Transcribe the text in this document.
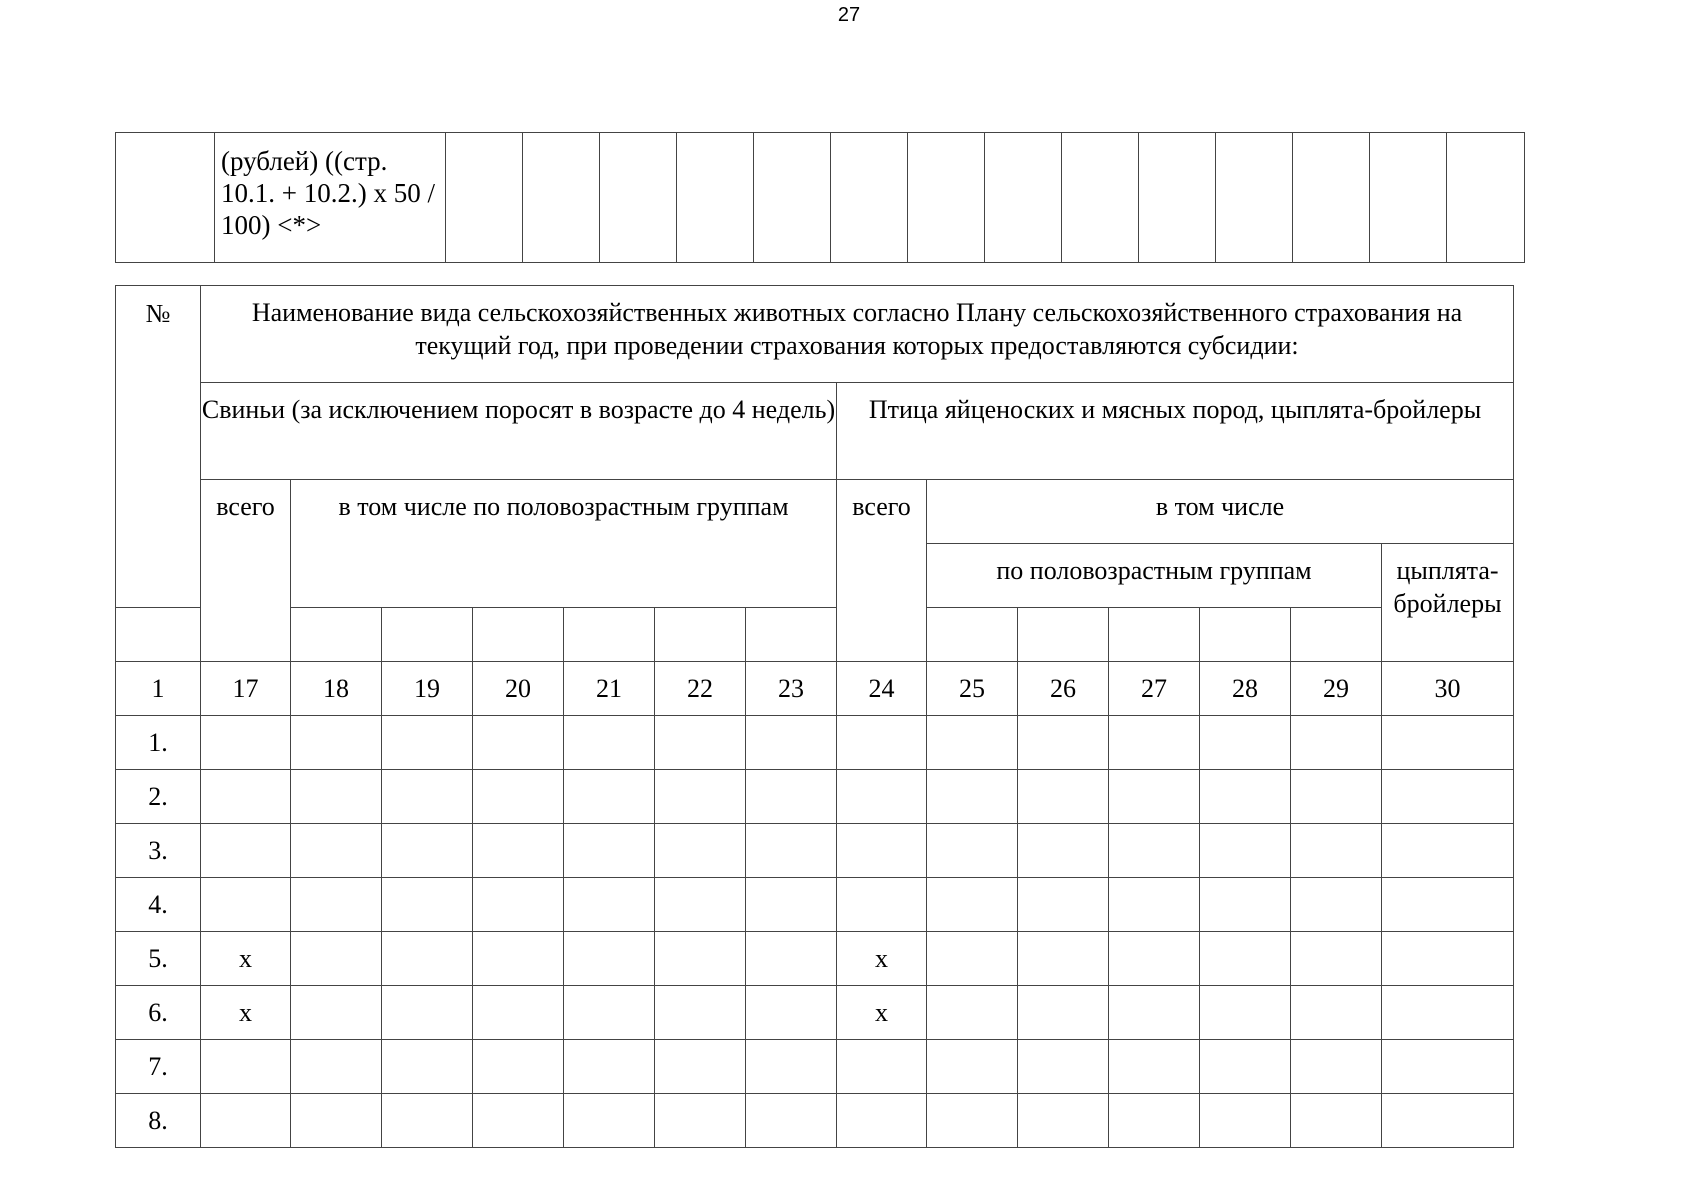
27
	(рублей) ((стр. 10.1. + 10.2.) х 50 / 100) <*>														
№	Наименование вида сельскохозяйственных животных согласно Плану сельскохозяйственного страхования на текущий год, при проведении страхования которых предоставляются субсидии:													
	Свиньи (за исключением поросят в возрасте до 4 недель)							Птица яйценоских и мясных пород, цыплята-бройлеры						
	всего	в том числе по половозрастным группам						всего	в том числе					
									по половозрастным группам					цыплята-бройлеры

1	17	18	19	20	21	22	23	24	25	26	27	28	29	30
1.														
2.														
3.														
4.														
5.	х							х						
6.	х							х						
7.														
8.														
